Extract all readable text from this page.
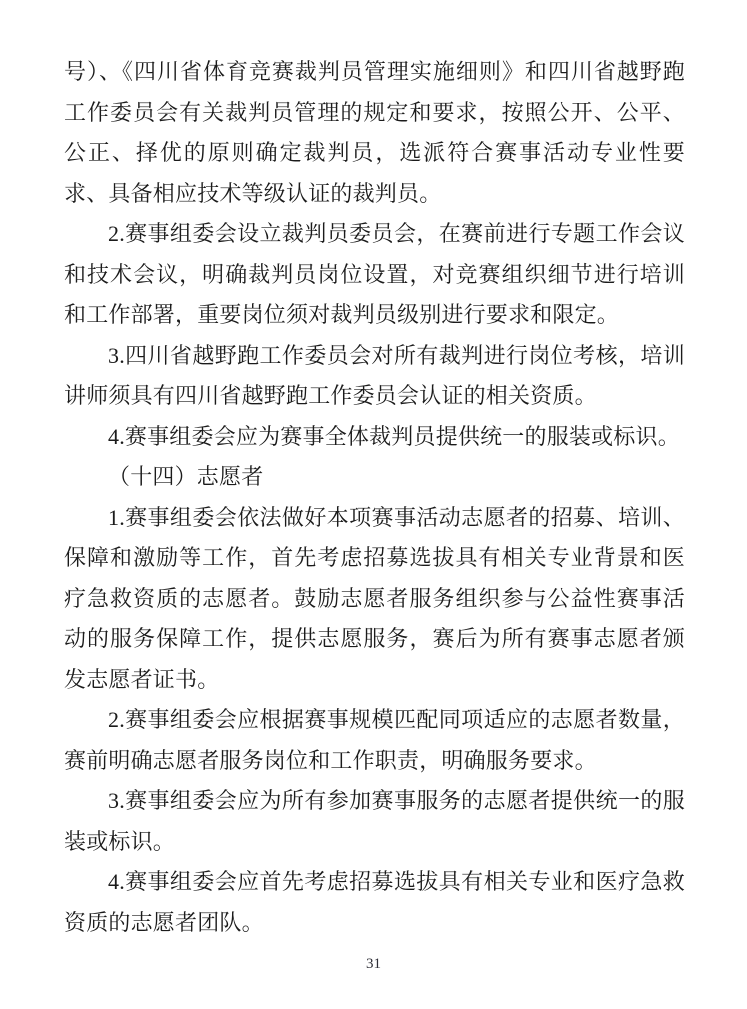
号）、《四川省体育竞赛裁判员管理实施细则》和四川省越野跑工作委员会有关裁判员管理的规定和要求，按照公开、公平、公正、择优的原则确定裁判员，选派符合赛事活动专业性要求、具备相应技术等级认证的裁判员。

2.赛事组委会设立裁判员委员会，在赛前进行专题工作会议和技术会议，明确裁判员岗位设置，对竞赛组织细节进行培训和工作部署，重要岗位须对裁判员级别进行要求和限定。

3.四川省越野跑工作委员会对所有裁判进行岗位考核，培训讲师须具有四川省越野跑工作委员会认证的相关资质。

4.赛事组委会应为赛事全体裁判员提供统一的服装或标识。

（十四）志愿者

1.赛事组委会依法做好本项赛事活动志愿者的招募、培训、保障和激励等工作，首先考虑招募选拔具有相关专业背景和医疗急救资质的志愿者。鼓励志愿者服务组织参与公益性赛事活动的服务保障工作，提供志愿服务，赛后为所有赛事志愿者颁发志愿者证书。

2.赛事组委会应根据赛事规模匹配同项适应的志愿者数量，赛前明确志愿者服务岗位和工作职责，明确服务要求。

3.赛事组委会应为所有参加赛事服务的志愿者提供统一的服装或标识。

4.赛事组委会应首先考虑招募选拔具有相关专业和医疗急救资质的志愿者团队。

31
